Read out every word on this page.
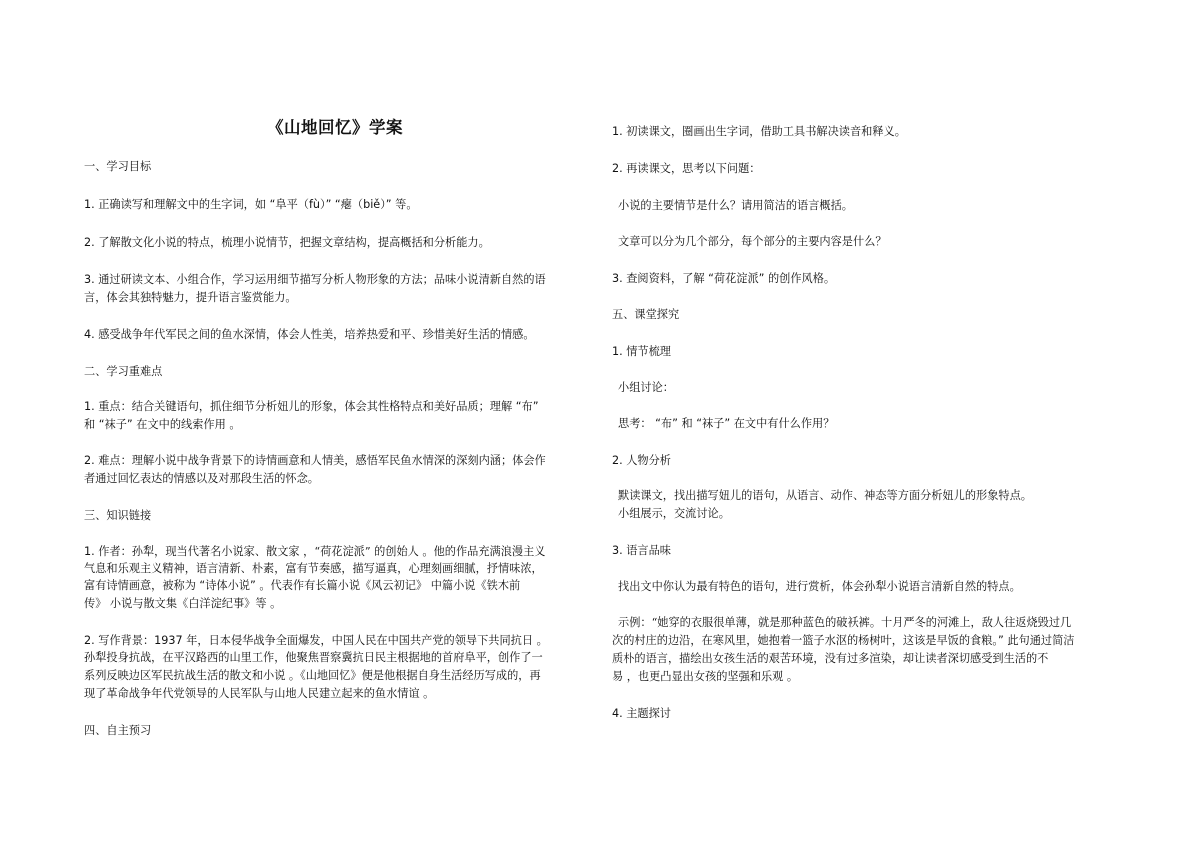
《山地回忆》学案

一、学习目标

1. 正确读写和理解文中的生字词，如 “阜平（fù）” “瘪（biě）” 等。

2. 了解散文化小说的特点，梳理小说情节，把握文章结构，提高概括和分析能力。

3. 通过研读文本、小组合作，学习运用细节描写分析人物形象的方法；品味小说清新自然的语

言，体会其独特魅力，提升语言鉴赏能力。

4. 感受战争年代军民之间的鱼水深情，体会人性美，培养热爱和平、珍惜美好生活的情感。

二、学习重难点

1. 重点：结合关键语句，抓住细节分析妞儿的形象，体会其性格特点和美好品质；理解 “布”

和 “袜子” 在文中的线索作用 。

2. 难点：理解小说中战争背景下的诗情画意和人情美，感悟军民鱼水情深的深刻内涵；体会作

者通过回忆表达的情感以及对那段生活的怀念。

三、知识链接

1. 作者：孙犁，现当代著名小说家、散文家 ，“荷花淀派” 的创始人 。他的作品充满浪漫主义

气息和乐观主义精神，语言清新、朴素，富有节奏感，描写逼真，心理刻画细腻，抒情味浓，

富有诗情画意，被称为 “诗体小说” 。代表作有长篇小说《风云初记》 中篇小说《铁木前

传》 小说与散文集《白洋淀纪事》等 。

2. 写作背景：1937 年，日本侵华战争全面爆发，中国人民在中国共产党的领导下共同抗日 。

孙犁投身抗战，在平汉路西的山里工作，他聚焦晋察冀抗日民主根据地的首府阜平，创作了一

系列反映边区军民抗战生活的散文和小说 。《山地回忆》便是他根据自身生活经历写成的，再

现了革命战争年代党领导的人民军队与山地人民建立起来的鱼水情谊 。

四、自主预习

1. 初读课文，圈画出生字词，借助工具书解决读音和释义。

2. 再读课文，思考以下问题：

小说的主要情节是什么？请用简洁的语言概括。

文章可以分为几个部分，每个部分的主要内容是什么？

3. 查阅资料，了解 “荷花淀派” 的创作风格。

五、课堂探究

1. 情节梳理

小组讨论：

思考： “布” 和 “袜子” 在文中有什么作用？

2. 人物分析

默读课文，找出描写妞儿的语句，从语言、动作、神态等方面分析妞儿的形象特点。

小组展示，交流讨论。

3. 语言品味

找出文中你认为最有特色的语句，进行赏析，体会孙犁小说语言清新自然的特点。

示例：“她穿的衣服很单薄，就是那种蓝色的破袄裤。十月严冬的河滩上，敌人往返烧毁过几

次的村庄的边沿，在寒风里，她抱着一篮子水沤的杨树叶，这该是早饭的食粮。” 此句通过简洁

质朴的语言，描绘出女孩生活的艰苦环境，没有过多渲染，却让读者深切感受到生活的不

易 ，也更凸显出女孩的坚强和乐观 。

4. 主题探讨
